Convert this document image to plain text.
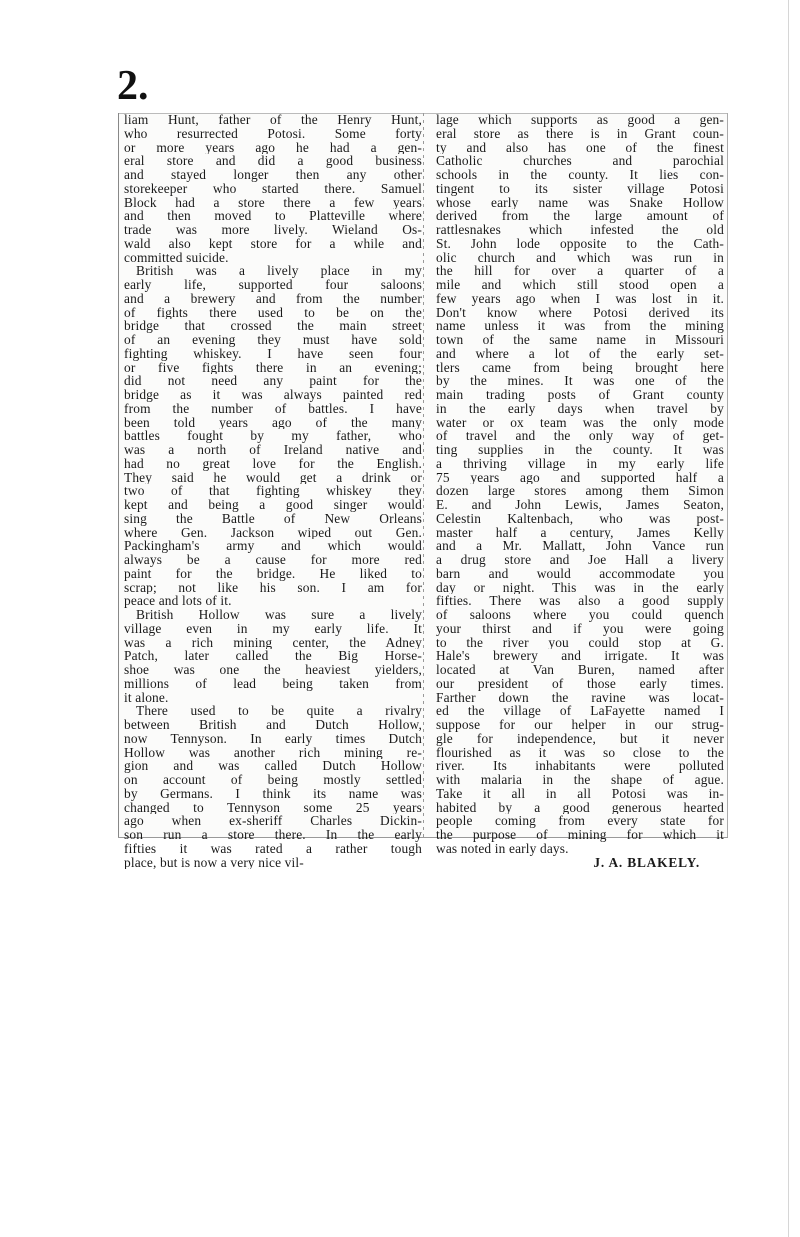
2.
liam Hunt, father of the Henry Hunt,
who resurrected Potosi. Some forty
or more years ago he had a gen-
eral store and did a good business
and stayed longer then any other
storekeeper who started there. Samuel
Block had a store there a few years
and then moved to Platteville where
trade was more lively. Wieland Os-
wald also kept store for a while and
committed suicide.
British was a lively place in my
early life, supported four saloons
and a brewery and from the number
of fights there used to be on the
bridge that crossed the main street
of an evening they must have sold
fighting whiskey. I have seen four
or five fights there in an evening;
did not need any paint for the
bridge as it was always painted red
from the number of battles. I have
been told years ago of the many
battles fought by my father, who
was a north of Ireland native and
had no great love for the English.
They said he would get a drink or
two of that fighting whiskey they
kept and being a good singer would
sing the Battle of New Orleans
where Gen. Jackson wiped out Gen.
Packingham's army and which would
always be a cause for more red
paint for the bridge. He liked to
scrap; not like his son. I am for
peace and lots of it.
British Hollow was sure a lively
village even in my early life. It
was a rich mining center, the Adney
Patch, later called the Big Horse-
shoe was one the heaviest yielders,
millions of lead being taken from
it alone.
There used to be quite a rivalry
between British and Dutch Hollow,
now Tennyson. In early times Dutch
Hollow was another rich mining re-
gion and was called Dutch Hollow
on account of being mostly settled
by Germans. I think its name was
changed to Tennyson some 25 years
ago when ex-sheriff Charles Dickin-
son run a store there. In the early
fifties it was rated a rather tough
place, but is now a very nice vil-
lage which supports as good a gen-
eral store as there is in Grant coun-
ty and also has one of the finest
Catholic churches and parochial
schools in the county. It lies con-
tingent to its sister village Potosi
whose early name was Snake Hollow
derived from the large amount of
rattlesnakes which infested the old
St. John lode opposite to the Cath-
olic church and which was run in
the hill for over a quarter of a
mile and which still stood open a
few years ago when I was lost in it.
Don't know where Potosi derived its
name unless it was from the mining
town of the same name in Missouri
and where a lot of the early set-
tlers came from being brought here
by the mines. It was one of the
main trading posts of Grant county
in the early days when travel by
water or ox team was the only mode
of travel and the only way of get-
ting supplies in the county. It was
a thriving village in my early life
75 years ago and supported half a
dozen large stores among them Simon
E. and John Lewis, James Seaton,
Celestin Kaltenbach, who was post-
master half a century, James Kelly
and a Mr. Mallatt, John Vance run
a drug store and Joe Hall a livery
barn and would accommodate you
day or night. This was in the early
fifties. There was also a good supply
of saloons where you could quench
your thirst and if you were going
to the river you could stop at G.
Hale's brewery and irrigate. It was
located at Van Buren, named after
our president of those early times.
Farther down the ravine was locat-
ed the village of LaFayette named I
suppose for our helper in our strug-
gle for independence, but it never
flourished as it was so close to the
river. Its inhabitants were polluted
with malaria in the shape of ague.
Take it all in all Potosi was in-
habited by a good generous hearted
people coming from every state for
the purpose of mining for which it
was noted in early days.
J. A. BLAKELY.
